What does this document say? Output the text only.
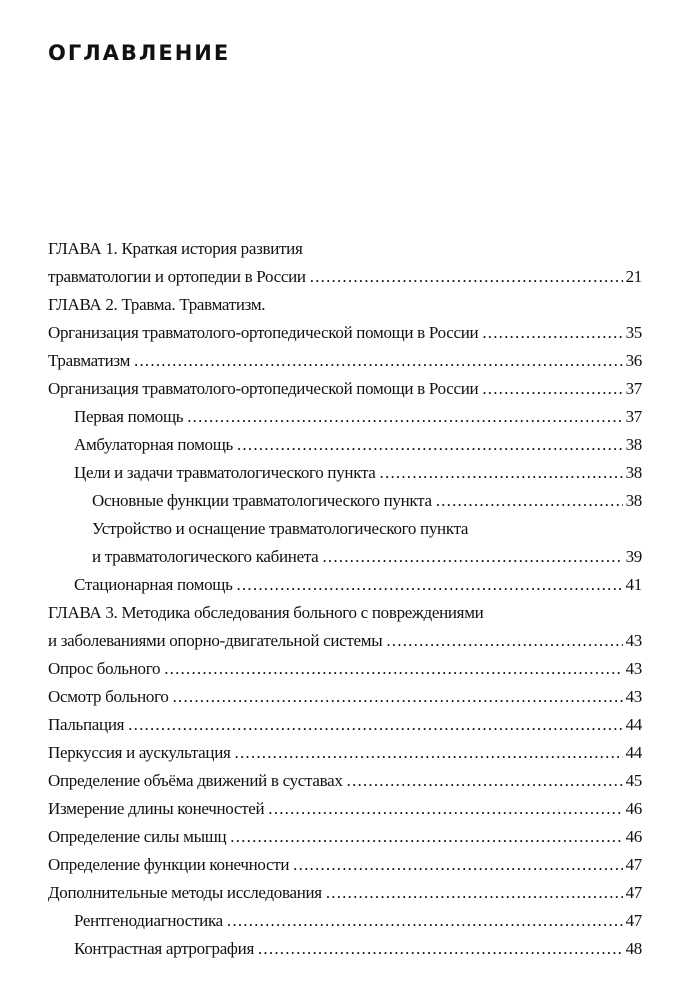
ОГЛАВЛЕНИЕ
ГЛАВА 1. Краткая история развития
травматологии и ортопедии в России .....	21
ГЛАВА 2. Травма. Травматизм.
Организация травматолого-ортопедической помощи в России .....	35
Травматизм .....	36
Организация травматолого-ортопедической помощи в России .....	37
Первая помощь .....	37
Амбулаторная помощь .....	38
Цели и задачи травматологического пункта .....	38
Основные функции травматологического пункта .....	38
Устройство и оснащение травматологического пункта
и травматологического кабинета .....	39
Стационарная помощь .....	41
ГЛАВА 3. Методика обследования больного с повреждениями
и заболеваниями опорно-двигательной системы .....	43
Опрос больного .....	43
Осмотр больного .....	43
Пальпация .....	44
Перкуссия и аускультация .....	44
Определение объёма движений в суставах .....	45
Измерение длины конечностей .....	46
Определение силы мышц .....	46
Определение функции конечности .....	47
Дополнительные методы исследования .....	47
Рентгенодиагностика .....	47
Контрастная артрография .....	48
